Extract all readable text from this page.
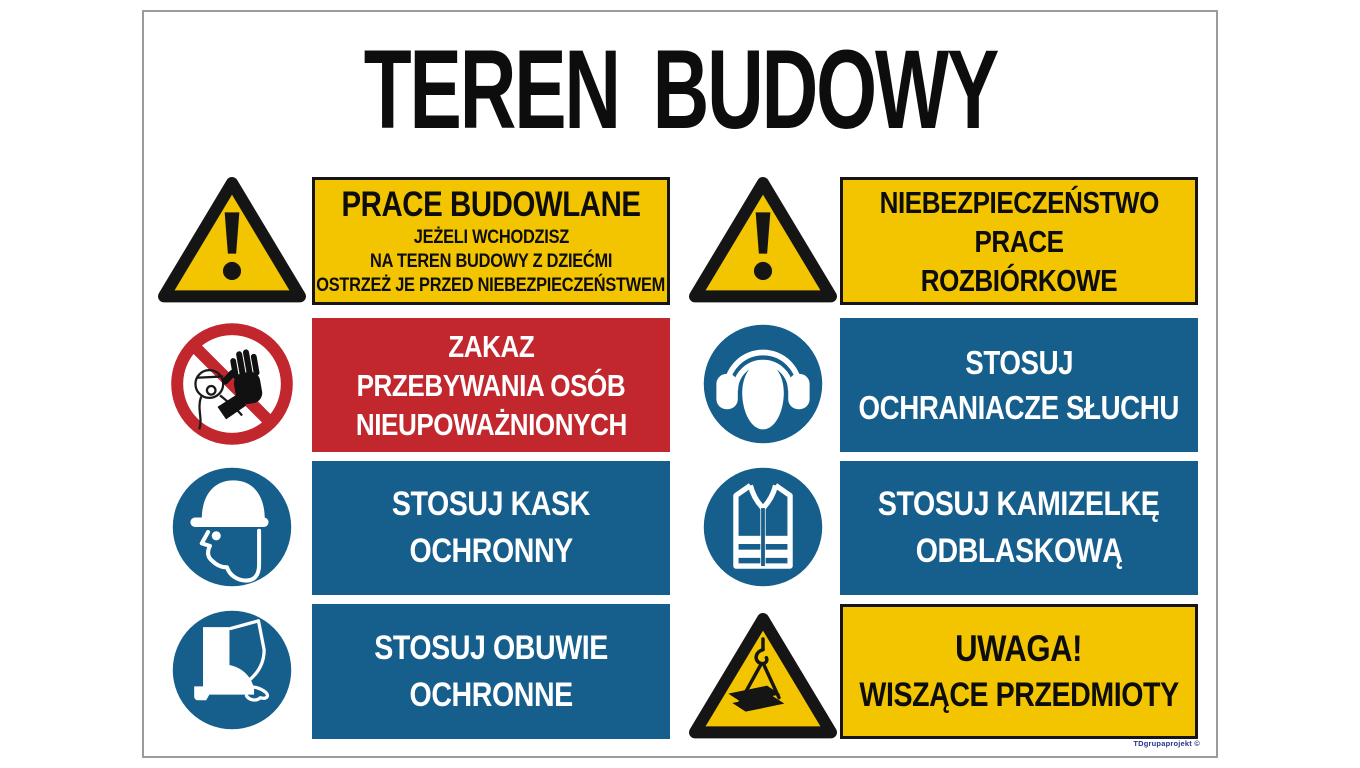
TEREN BUDOWY
PRACE BUDOWLANE
JEŻELI WCHODZISZ
NA TEREN BUDOWY Z DZIEĆMI
OSTRZEŻ JE PRZED NIEBEZPIECZEŃSTWEM
NIEBEZPIECZEŃSTWO
PRACE
ROZBIÓRKOWE
ZAKAZ
PRZEBYWANIA OSÓB
NIEUPOWAŻNIONYCH
STOSUJ
OCHRANIACZE SŁUCHU
STOSUJ KASK
OCHRONNY
STOSUJ KAMIZELKĘ
ODBLASKOWĄ
STOSUJ OBUWIE
OCHRONNE
UWAGA!
WISZĄCE PRZEDMIOTY
TDgrupaprojekt ©
